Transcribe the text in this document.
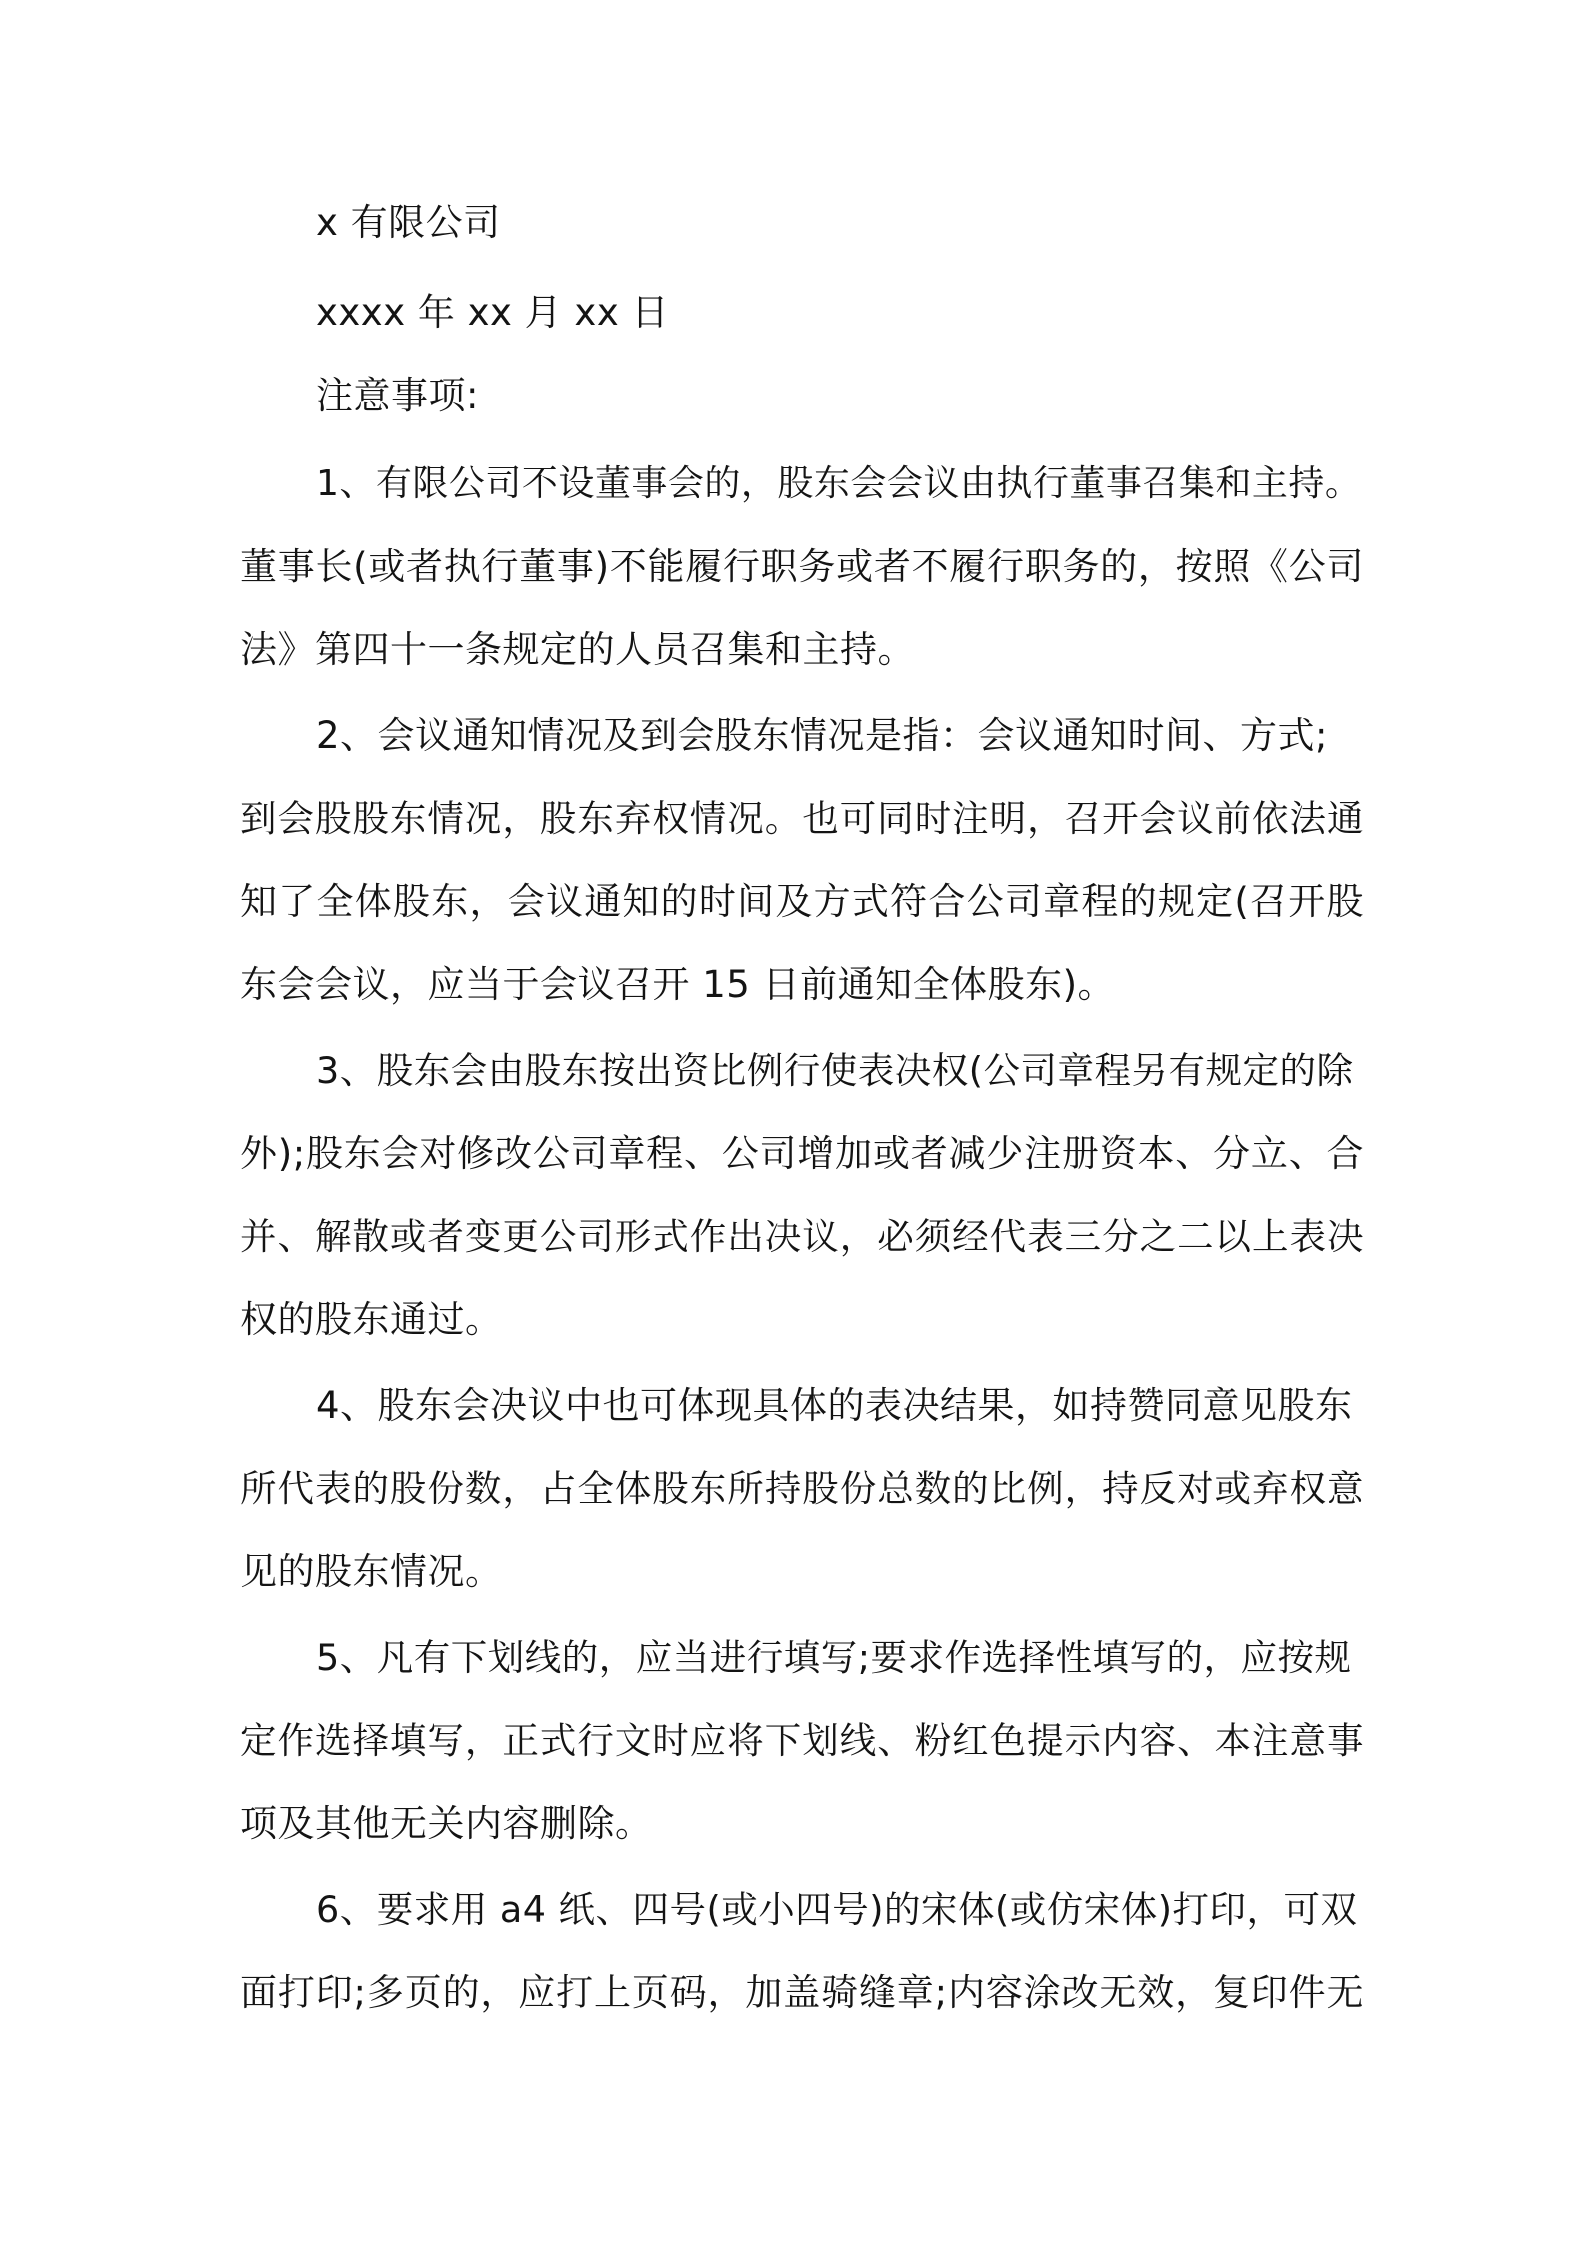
x 有限公司
xxxx 年 xx 月 xx 日
注意事项:
1、有限公司不设董事会的，股东会会议由执行董事召集和主持。
董事长(或者执行董事)不能履行职务或者不履行职务的，按照《公司
法》第四十一条规定的人员召集和主持。
2、会议通知情况及到会股东情况是指：会议通知时间、方式;
到会股股东情况，股东弃权情况。也可同时注明，召开会议前依法通
知了全体股东，会议通知的时间及方式符合公司章程的规定(召开股
东会会议，应当于会议召开 15 日前通知全体股东)。
3、股东会由股东按出资比例行使表决权(公司章程另有规定的除
外);股东会对修改公司章程、公司增加或者减少注册资本、分立、合
并、解散或者变更公司形式作出决议，必须经代表三分之二以上表决
权的股东通过。
4、股东会决议中也可体现具体的表决结果，如持赞同意见股东
所代表的股份数，占全体股东所持股份总数的比例，持反对或弃权意
见的股东情况。
5、凡有下划线的，应当进行填写;要求作选择性填写的，应按规
定作选择填写，正式行文时应将下划线、粉红色提示内容、本注意事
项及其他无关内容删除。
6、要求用 a4 纸、四号(或小四号)的宋体(或仿宋体)打印，可双
面打印;多页的，应打上页码，加盖骑缝章;内容涂改无效，复印件无
